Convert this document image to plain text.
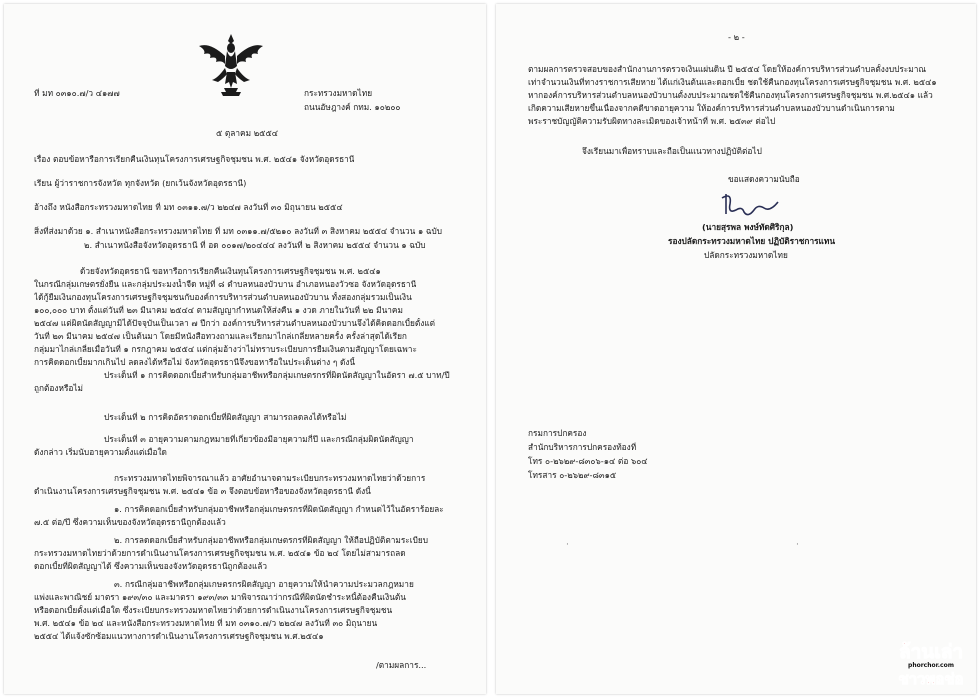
ที่ มท ๐๓๑๐.๗/ว ๔๑๗๗	กระทรวงมหาดไทย
ถนนอัษฎางค์ กทม. ๑๐๒๐๐
๕ ตุลาคม ๒๕๕๔
เรื่อง ตอบข้อหารือการเรียกคืนเงินทุนโครงการเศรษฐกิจชุมชน พ.ศ. ๒๕๔๑ จังหวัดอุดรธานี
เรียน ผู้ว่าราชการจังหวัด ทุกจังหวัด (ยกเว้นจังหวัดอุดรธานี)
อ้างถึง หนังสือกระทรวงมหาดไทย ที่ มท ๐๓๑๑.๗/ว ๒๒๔๗ ลงวันที่ ๓๐ มิถุนายน ๒๕๕๔
สิ่งที่ส่งมาด้วย ๑. สำเนาหนังสือกระทรวงมหาดไทย ที่ มท ๐๓๑๑.๗/๕๒๑๐ ลงวันที่ ๓ สิงหาคม ๒๕๕๔ จำนวน ๑ ฉบับ
๒. สำเนาหนังสือจังหวัดอุดรธานี ที่ อด ๐๐๑๗/๒๐๔๔๔ ลงวันที่ ๒ สิงหาคม ๒๕๕๔ จำนวน ๑ ฉบับ
ด้วยจังหวัดอุดรธานี ขอหารือการเรียกคืนเงินทุนโครงการเศรษฐกิจชุมชน พ.ศ. ๒๕๔๑
ในกรณีกลุ่มเกษตรยั่งยืน และกลุ่มประมงน้ำจืด หมู่ที่ ๘ ตำบลหนองบัวบาน อำเภอหนองวัวซอ จังหวัดอุดรธานี
ได้กู้ยืมเงินกองทุนโครงการเศรษฐกิจชุมชนกับองค์การบริหารส่วนตำบลหนองบัวบาน ทั้งสองกลุ่มรวมเป็นเงิน
๑๐๐,๐๐๐ บาท ตั้งแต่วันที่ ๒๓ มีนาคม ๒๕๔๔ ตามสัญญากำหนดให้ส่งคืน ๑ งวด ภายในวันที่ ๒๒ มีนาคม
๒๕๔๗ แต่ผิดนัดสัญญามิได้ปัจจุบันเป็นเวลา ๗ ปีกว่า องค์การบริหารส่วนตำบลหนองบัวบานจึงได้คิดดอกเบี้ยตั้งแต่
วันที่ ๒๓ มีนาคม ๒๕๔๗ เป็นต้นมา โดยมีหนังสือทวงถามและเรียกมาไกล่เกลี่ยหลายครั้ง ครั้งล่าสุดได้เรียก
กลุ่มมาไกล่เกลี่ยเมื่อวันที่ ๑ กรกฎาคม ๒๕๕๔ แต่กลุ่มอ้างว่าไม่ทราบระเบียบการยืมเงินตามสัญญาโดยเฉพาะ
การคิดดอกเบี้ยมากเกินไป ลดลงได้หรือไม่ จังหวัดอุดรธานีจึงขอหารือในประเด็นต่าง ๆ ดังนี้
ประเด็นที่ ๑ การคิดดอกเบี้ยสำหรับกลุ่มอาชีพหรือกลุ่มเกษตรกรที่ผิดนัดสัญญาในอัตรา ๗.๕ บาท/ปี
ถูกต้องหรือไม่
ประเด็นที่ ๒ การคิดอัตราดอกเบี้ยที่ผิดสัญญา สามารถลดลงได้หรือไม่
ประเด็นที่ ๓ อายุความตามกฎหมายที่เกี่ยวข้องมีอายุความกี่ปี และกรณีกลุ่มผิดนัดสัญญา
ดังกล่าว เริ่มนับอายุความตั้งแต่เมื่อใด
กระทรวงมหาดไทยพิจารณาแล้ว อาศัยอำนาจตามระเบียบกระทรวงมหาดไทยว่าด้วยการ
ดำเนินงานโครงการเศรษฐกิจชุมชน พ.ศ. ๒๕๔๑ ข้อ ๓ จึงตอบข้อหารือของจังหวัดอุดรธานี ดังนี้
๑. การคิดดอกเบี้ยสำหรับกลุ่มอาชีพหรือกลุ่มเกษตรกรที่ผิดนัดสัญญา กำหนดไว้ในอัตราร้อยละ
๗.๕ ต่อ/ปี ซึ่งความเห็นของจังหวัดอุดรธานีถูกต้องแล้ว
๒. การลดดอกเบี้ยสำหรับกลุ่มอาชีพหรือกลุ่มเกษตรกรที่ผิดสัญญา ให้ถือปฏิบัติตามระเบียบ
กระทรวงมหาดไทยว่าด้วยการดำเนินงานโครงการเศรษฐกิจชุมชน พ.ศ. ๒๕๔๑ ข้อ ๒๔ โดยไม่สามารถลด
ดอกเบี้ยที่ผิดสัญญาได้ ซึ่งความเห็นของจังหวัดอุดรธานีถูกต้องแล้ว
๓. กรณีกลุ่มอาชีพหรือกลุ่มเกษตรกรผิดสัญญา อายุความให้นำความประมวลกฎหมาย
แพ่งและพาณิชย์ มาตรา ๑๙๓/๓๐ และมาตรา ๑๙๓/๓๓ มาพิจารณาว่ากรณีที่ผิดนัดชำระหนี้ต้องคืนเงินต้น
หรือดอกเบี้ยตั้งแต่เมื่อใด ซึ่งระเบียบกระทรวงมหาดไทยว่าด้วยการดำเนินงานโครงการเศรษฐกิจชุมชน
พ.ศ. ๒๕๔๑ ข้อ ๒๔ และหนังสือกระทรวงมหาดไทย ที่ มท ๐๓๑๐.๗/ว ๒๒๔๗ ลงวันที่ ๓๐ มิถุนายน
๒๕๕๔ ได้แจ้งซักซ้อมแนวทางการดำเนินงานโครงการเศรษฐกิจชุมชน พ.ศ.๒๕๔๑
/ตามผลการ...
- ๒ -
ตามผลการตรวจสอบของสำนักงานการตรวจเงินแผ่นดิน ปี ๒๕๕๔ โดยให้องค์การบริหารส่วนตำบลตั้งงบประมาณ
เท่าจำนวนเงินที่ทางราชการเสียหาย ได้แก่เงินต้นและดอกเบี้ย ชดใช้คืนกองทุนโครงการเศรษฐกิจชุมชน พ.ศ. ๒๕๔๑
หากองค์การบริหารส่วนตำบลหนองบัวบานตั้งงบประมาณชดใช้คืนกองทุนโครงการเศรษฐกิจชุมชน พ.ศ.๒๕๔๑ แล้ว
เกิดความเสียหายขึ้นเนื่องจากคดีขาดอายุความ ให้องค์การบริหารส่วนตำบลหนองบัวบานดำเนินการตาม
พระราชบัญญัติความรับผิดทางละเมิดของเจ้าหน้าที่ พ.ศ. ๒๕๓๙ ต่อไป
จึงเรียนมาเพื่อทราบและถือเป็นแนวทางปฏิบัติต่อไป
ขอแสดงความนับถือ
(นายสุรพล พงษ์ทัดศิริกุล)
รองปลัดกระทรวงมหาดไทย ปฏิบัติราชการแทน
ปลัดกระทรวงมหาดไทย
กรมการปกครอง
สำนักบริหารการปกครองท้องที่
โทร ๐-๒๖๒๙-๘๓๐๖-๑๔ ต่อ ๖๐๔
โทรสาร ๐-๒๖๒๙-๘๓๑๕
·	·
ล้านเล่า
phorchor.com
ชาวพอช่อ
